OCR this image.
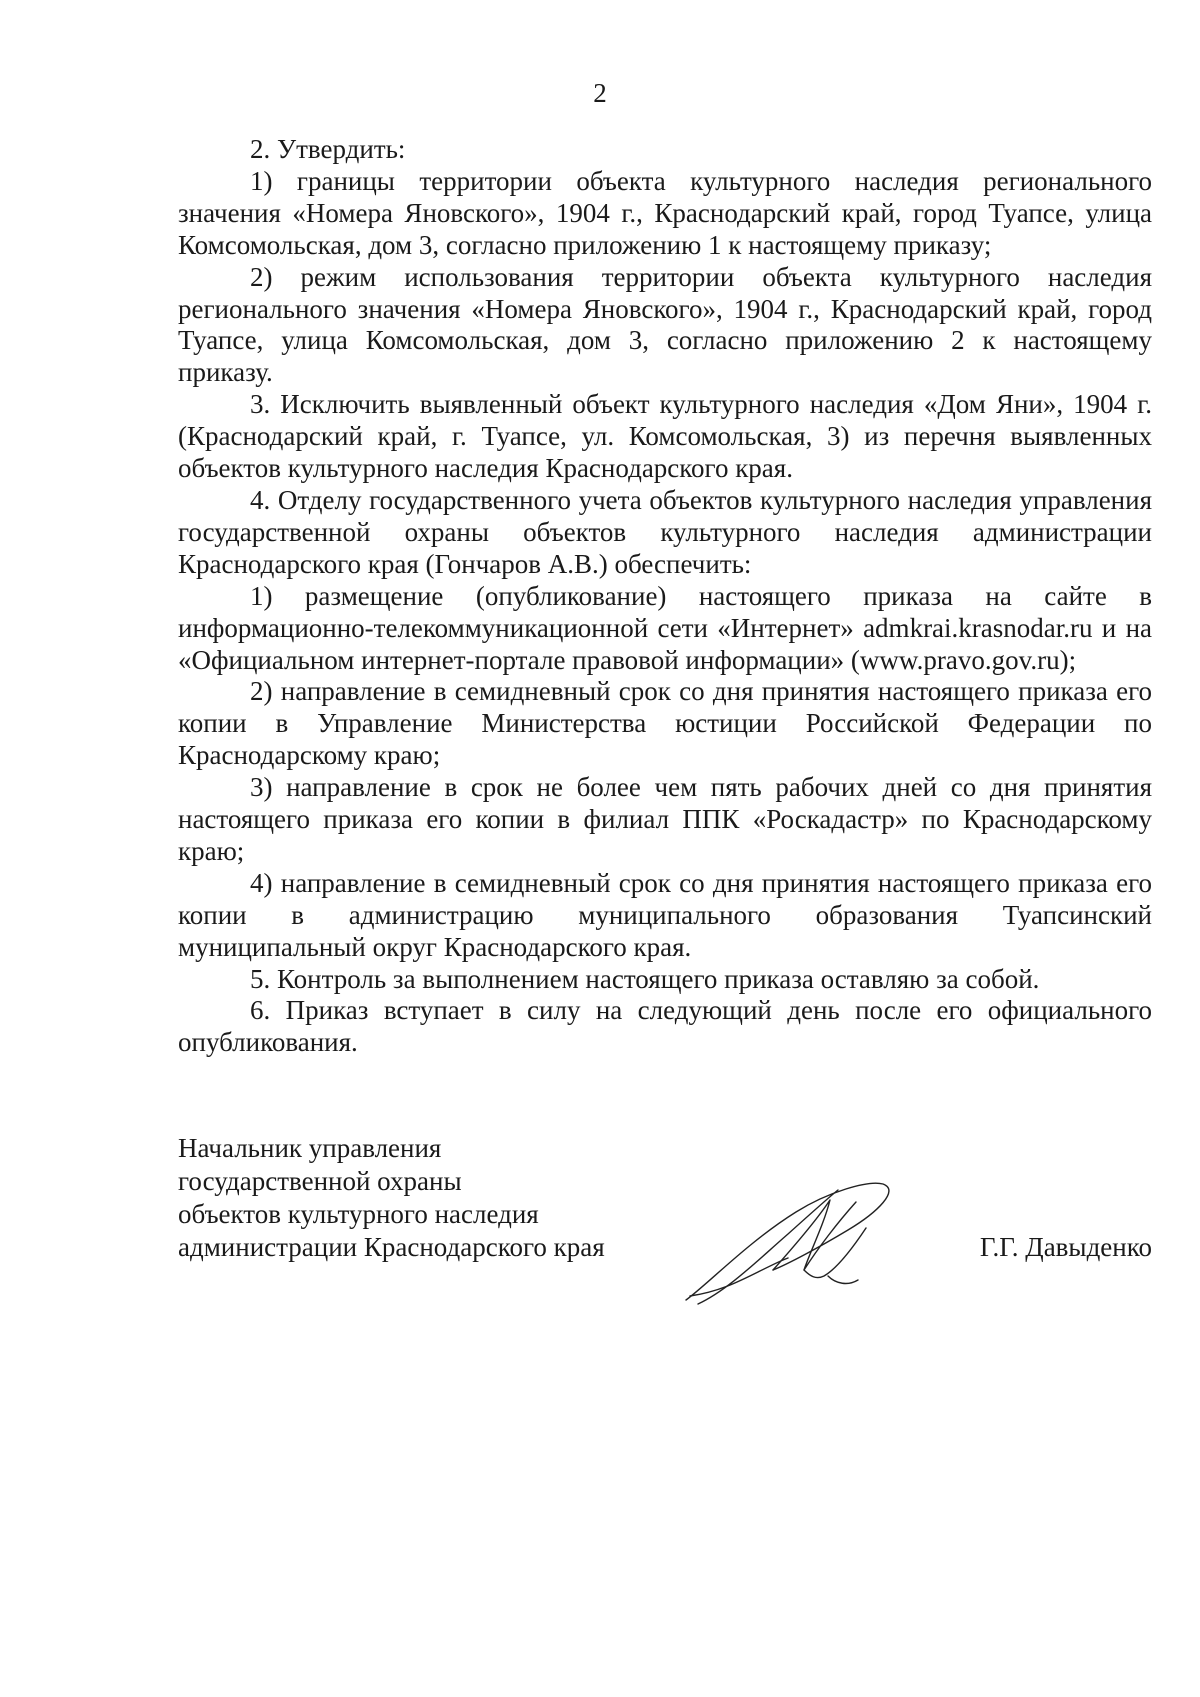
2

2. Утвердить:

1) границы территории объекта культурного наследия регионального значения «Номера Яновского», 1904 г., Краснодарский край, город Туапсе, улица Комсомольская, дом 3, согласно приложению 1 к настоящему приказу;

2) режим использования территории объекта культурного наследия регионального значения «Номера Яновского», 1904 г., Краснодарский край, город Туапсе, улица Комсомольская, дом 3, согласно приложению 2 к настоящему приказу.

3. Исключить выявленный объект культурного наследия «Дом Яни», 1904 г. (Краснодарский край, г. Туапсе, ул. Комсомольская, 3) из перечня выявленных объектов культурного наследия Краснодарского края.

4. Отделу государственного учета объектов культурного наследия управления государственной охраны объектов культурного наследия администрации Краснодарского края (Гончаров А.В.) обеспечить:

1) размещение (опубликование) настоящего приказа на сайте в информационно-телекоммуникационной сети «Интернет» admkrai.krasnodar.ru и на «Официальном интернет-портале правовой информации» (www.pravo.gov.ru);

2) направление в семидневный срок со дня принятия настоящего приказа его копии в Управление Министерства юстиции Российской Федерации по Краснодарскому краю;

3) направление в срок не более чем пять рабочих дней со дня принятия настоящего приказа его копии в филиал ППК «Роскадастр» по Краснодарскому краю;

4) направление в семидневный срок со дня принятия настоящего приказа его копии в администрацию муниципального образования Туапсинский муниципальный округ Краснодарского края.

5. Контроль за выполнением настоящего приказа оставляю за собой.

6. Приказ вступает в силу на следующий день после его официального опубликования.

Начальник управления
государственной охраны
объектов культурного наследия
администрации Краснодарского края	Г.Г. Давыденко
